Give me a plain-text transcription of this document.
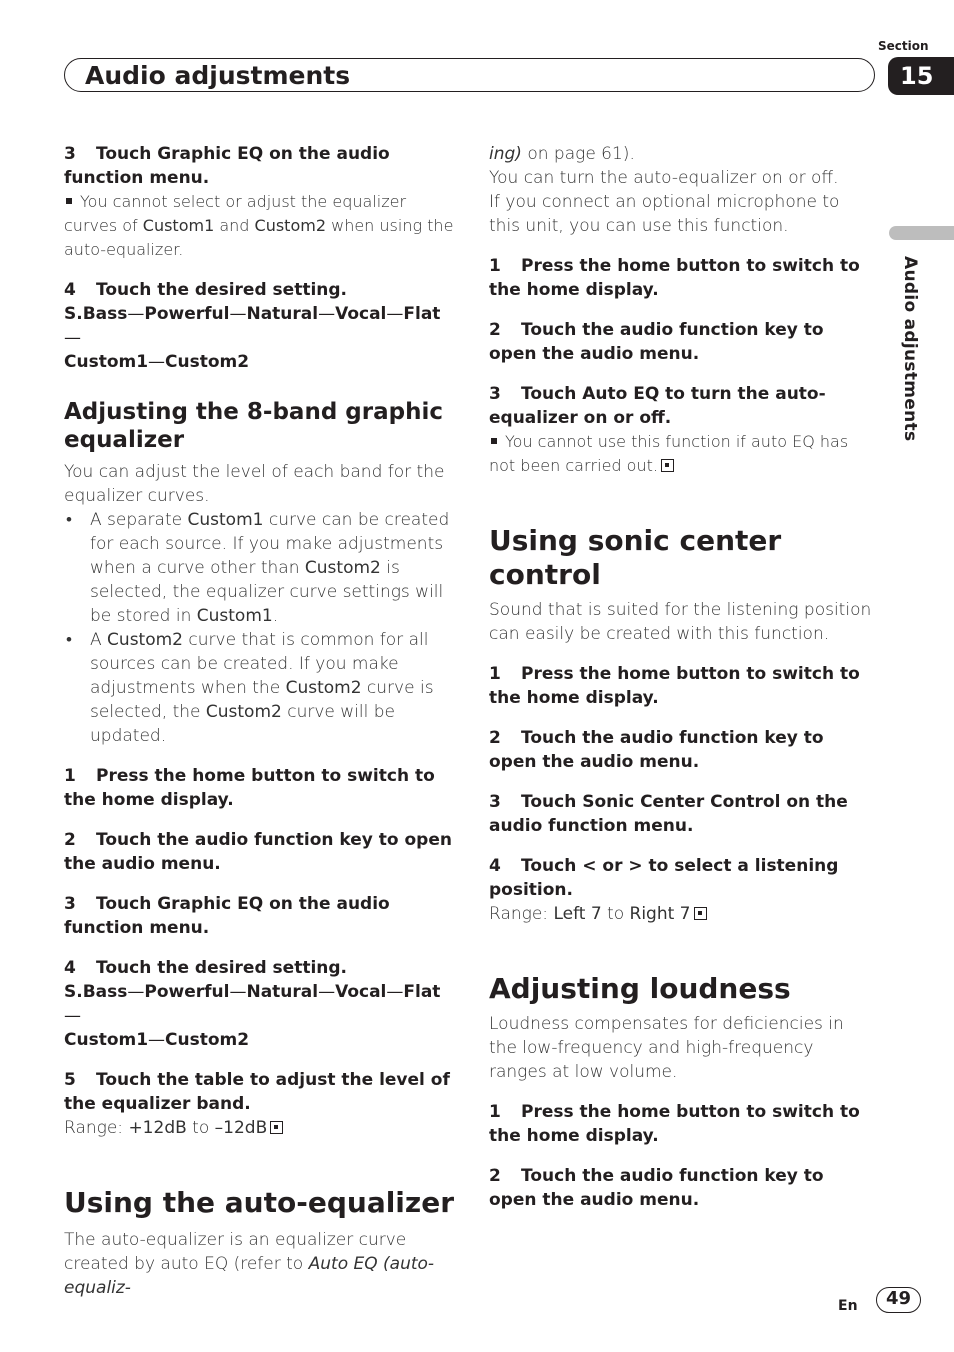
Section
15
Audio adjustments
Audio adjustments

3 Touch Graphic EQ on the audio function menu.

You cannot select or adjust the equalizer curves of Custom1 and Custom2 when using the auto-equalizer.

4 Touch the desired setting.

S.Bass—Powerful—Natural—Vocal—Flat—
Custom1—Custom2

Adjusting the 8-band graphic equalizer

You can adjust the level of each band for the equalizer curves.

• A separate Custom1 curve can be created for each source. If you make adjustments when a curve other than Custom2 is selected, the equalizer curve settings will be stored in Custom1.

• A Custom2 curve that is common for all sources can be created. If you make adjustments when the Custom2 curve is selected, the Custom2 curve will be updated.

1 Press the home button to switch to the home display.

2 Touch the audio function key to open the audio menu.

3 Touch Graphic EQ on the audio function menu.

4 Touch the desired setting.

S.Bass—Powerful—Natural—Vocal—Flat—
Custom1—Custom2

5 Touch the table to adjust the level of the equalizer band.

Range: +12dB to –12dB

Using the auto-equalizer

The auto-equalizer is an equalizer curve created by auto EQ (refer to Auto EQ (auto-equaliz-

ing) on page 61).

You can turn the auto-equalizer on or off.

If you connect an optional microphone to this unit, you can use this function.

1 Press the home button to switch to the home display.

2 Touch the audio function key to open the audio menu.

3 Touch Auto EQ to turn the auto-equalizer on or off.

You cannot use this function if auto EQ has not been carried out.

Using sonic center control

Sound that is suited for the listening position can easily be created with this function.

1 Press the home button to switch to the home display.

2 Touch the audio function key to open the audio menu.

3 Touch Sonic Center Control on the audio function menu.

4 Touch < or > to select a listening position.

Range: Left 7 to Right 7

Adjusting loudness

Loudness compensates for deficiencies in the low-frequency and high-frequency ranges at low volume.

1 Press the home button to switch to the home display.

2 Touch the audio function key to open the audio menu.

En	49
